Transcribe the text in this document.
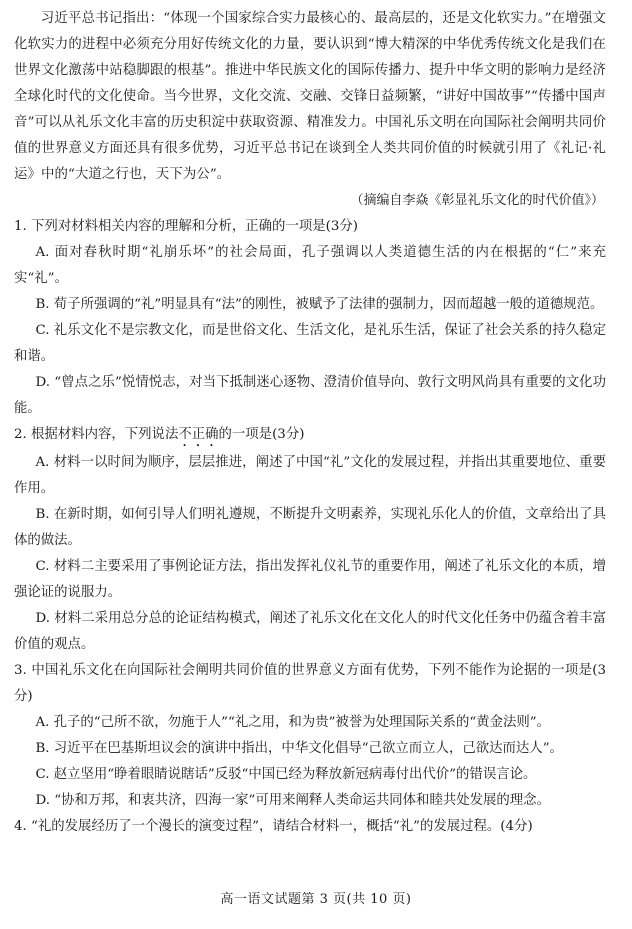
习近平总书记指出：“体现一个国家综合实力最核心的、最高层的，还是文化软实力。”在增强文化软实力的进程中必须充分用好传统文化的力量，要认识到“博大精深的中华优秀传统文化是我们在世界文化激荡中站稳脚跟的根基”。推进中华民族文化的国际传播力、提升中华文明的影响力是经济全球化时代的文化使命。当今世界，文化交流、交融、交锋日益频繁，“讲好中国故事”“传播中国声音”可以从礼乐文化丰富的历史积淀中获取资源、精准发力。中国礼乐文明在向国际社会阐明共同价值的世界意义方面还具有很多优势，习近平总书记在谈到全人类共同价值的时候就引用了《礼记·礼运》中的“大道之行也，天下为公”。

（摘编自李焱《彰显礼乐文化的时代价值》）

1. 下列对材料相关内容的理解和分析，正确的一项是(3分)

A. 面对春秋时期“礼崩乐坏”的社会局面，孔子强调以人类道德生活的内在根据的“仁”来充实“礼”。

B. 荀子所强调的“礼”明显具有“法”的刚性，被赋予了法律的强制力，因而超越一般的道德规范。

C. 礼乐文化不是宗教文化，而是世俗文化、生活文化，是礼乐生活，保证了社会关系的持久稳定和谐。

D. “曾点之乐”悦情悦志，对当下抵制迷心逐物、澄清价值导向、敦行文明风尚具有重要的文化功能。

2. 根据材料内容，下列说法不正确的一项是(3分)

A. 材料一以时间为顺序，层层推进，阐述了中国“礼”文化的发展过程，并指出其重要地位、重要作用。

B. 在新时期，如何引导人们明礼遵规，不断提升文明素养，实现礼乐化人的价值，文章给出了具体的做法。

C. 材料二主要采用了事例论证方法，指出发挥礼仪礼节的重要作用，阐述了礼乐文化的本质，增强论证的说服力。

D. 材料二采用总分总的论证结构模式，阐述了礼乐文化在文化人的时代文化任务中仍蕴含着丰富价值的观点。

3. 中国礼乐文化在向国际社会阐明共同价值的世界意义方面有优势，下列不能作为论据的一项是(3分)

A. 孔子的“己所不欲，勿施于人”“礼之用，和为贵”被誉为处理国际关系的“黄金法则”。

B. 习近平在巴基斯坦议会的演讲中指出，中华文化倡导“己欲立而立人，己欲达而达人”。

C. 赵立坚用“睁着眼睛说瞎话”反驳“中国已经为释放新冠病毒付出代价”的错误言论。

D. “协和万邦，和衷共济，四海一家”可用来阐释人类命运共同体和睦共处发展的理念。

4. “礼的发展经历了一个漫长的演变过程”，请结合材料一，概括“礼”的发展过程。(4分)

高一语文试题第 3 页(共 10 页)
